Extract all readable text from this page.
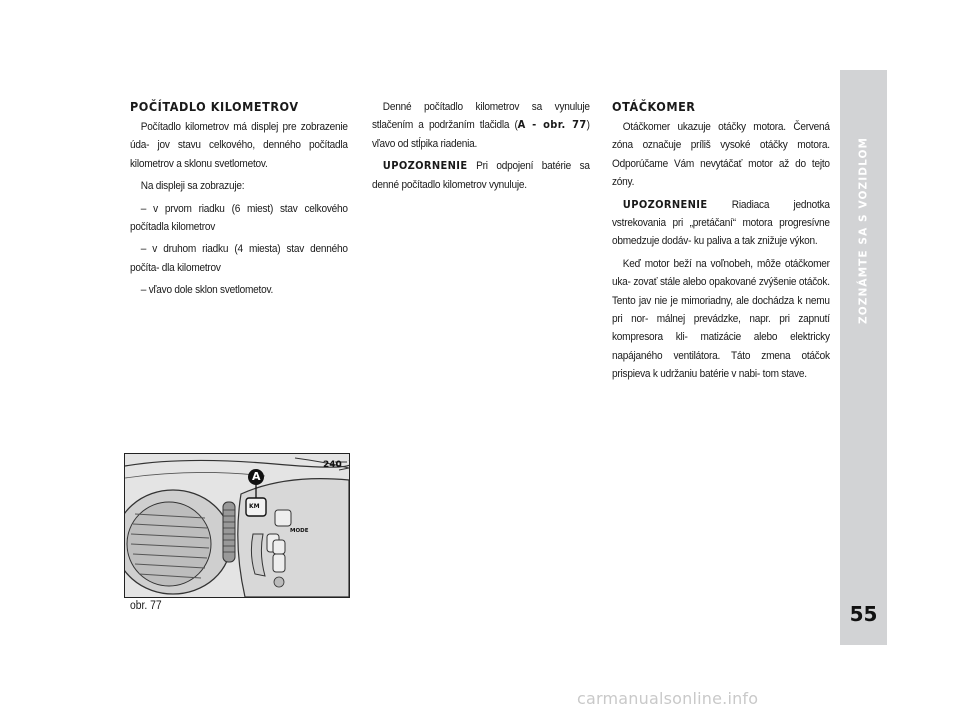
POČÍTADLO KILOMETROV

Počítadlo kilometrov má displej pre zobrazenie úda- jov stavu celkového, denného počítadla kilometrov a sklonu svetlometov.

Na displeji sa zobrazuje:

– v prvom riadku (6 miest) stav celkového počítadla kilometrov

– v druhom riadku (4 miesta) stav denného počíta- dla kilometrov

– vľavo dole sklon svetlometov.

Denné počítadlo kilometrov sa vynuluje stlačením a podržaním tlačidla (A - obr. 77) vľavo od stĺpika riadenia.

UPOZORNENIE Pri odpojení batérie sa denné počítadlo kilometrov vynuluje.

OTÁČKOMER

Otáčkomer ukazuje otáčky motora. Červená zóna označuje príliš vysoké otáčky motora. Odporúčame Vám nevytáčať motor až do tejto zóny.

UPOZORNENIE Riadiaca jednotka vstrekovania pri „pretáčaní“ motora progresívne obmedzuje dodáv- ku paliva a tak znižuje výkon.

Keď motor beží na voľnobeh, môže otáčkomer uka- zovať stále alebo opakované zvýšenie otáčok. Tento jav nie je mimoriadny, ale dochádza k nemu pri nor- málnej prevádzke, napr. pri zapnutí kompresora kli- matizácie alebo elektricky napájaného ventilátora. Táto zmena otáčok prispieva k udržaniu batérie v nabi- tom stave.

A
240
KM
MODE
obr. 77
ZOZNÁMTE SA S VOZIDLOM
55
carmanualsonline.info
